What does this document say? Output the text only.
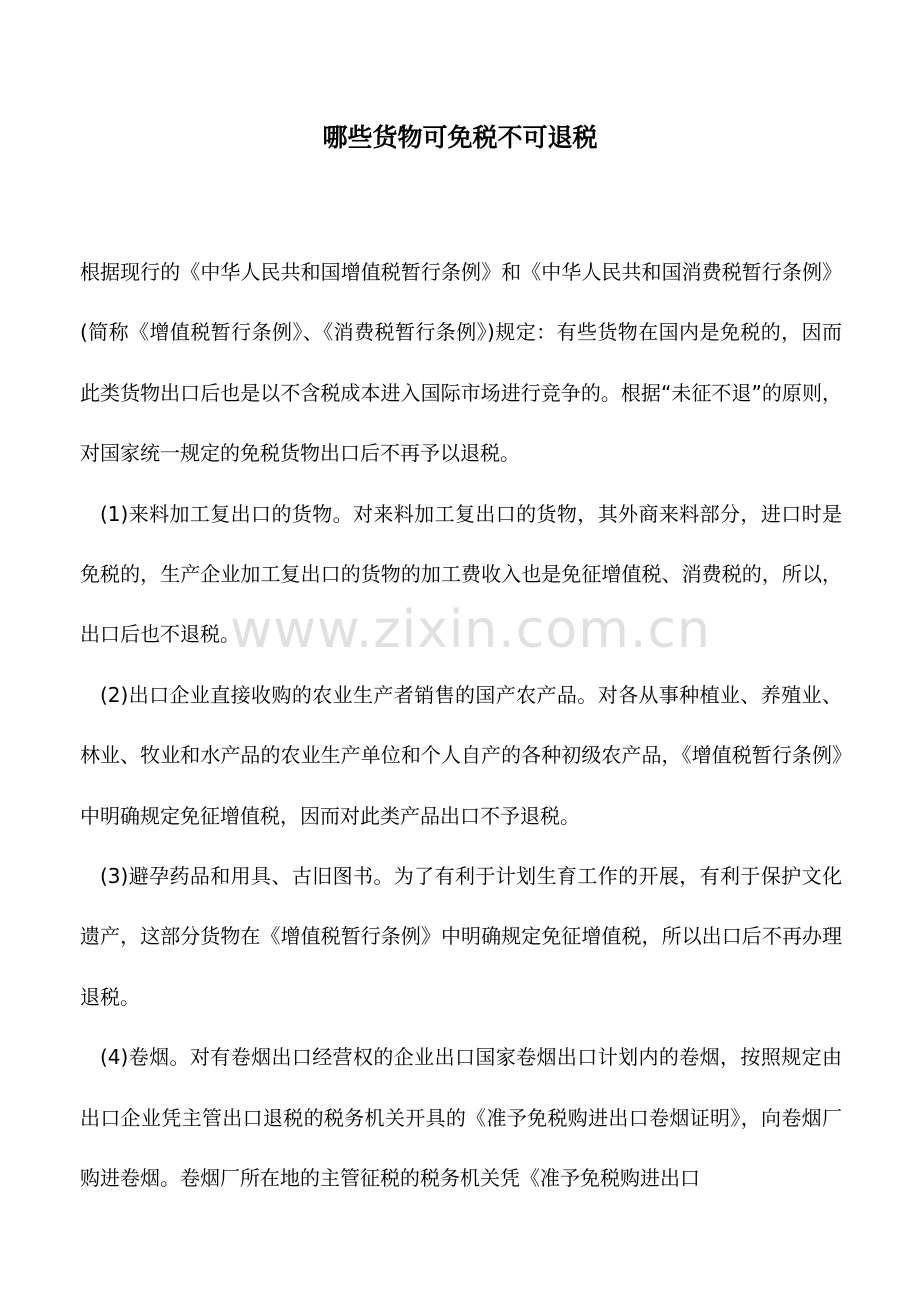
哪些货物可免税不可退税

根据现行的《中华人民共和国增值税暂行条例》和《中华人民共和国消费税暂行条例》(简称《增值税暂行条例》、《消费税暂行条例》)规定：有些货物在国内是免税的，因而此类货物出口后也是以不含税成本进入国际市场进行竞争的。根据“未征不退”的原则，对国家统一规定的免税货物出口后不再予以退税。

(1)来料加工复出口的货物。对来料加工复出口的货物，其外商来料部分，进口时是免税的，生产企业加工复出口的货物的加工费收入也是免征增值税、消费税的，所以，出口后也不退税。

(2)出口企业直接收购的农业生产者销售的国产农产品。对各从事种植业、养殖业、林业、牧业和水产品的农业生产单位和个人自产的各种初级农产品，《增值税暂行条例》中明确规定免征增值税，因而对此类产品出口不予退税。

(3)避孕药品和用具、古旧图书。为了有利于计划生育工作的开展，有利于保护文化遗产，这部分货物在《增值税暂行条例》中明确规定免征增值税，所以出口后不再办理退税。

(4)卷烟。对有卷烟出口经营权的企业出口国家卷烟出口计划内的卷烟，按照规定由出口企业凭主管出口退税的税务机关开具的《准予免税购进出口卷烟证明》，向卷烟厂购进卷烟。卷烟厂所在地的主管征税的税务机关凭《准予免税购进出口

www.zixin.com.cn
